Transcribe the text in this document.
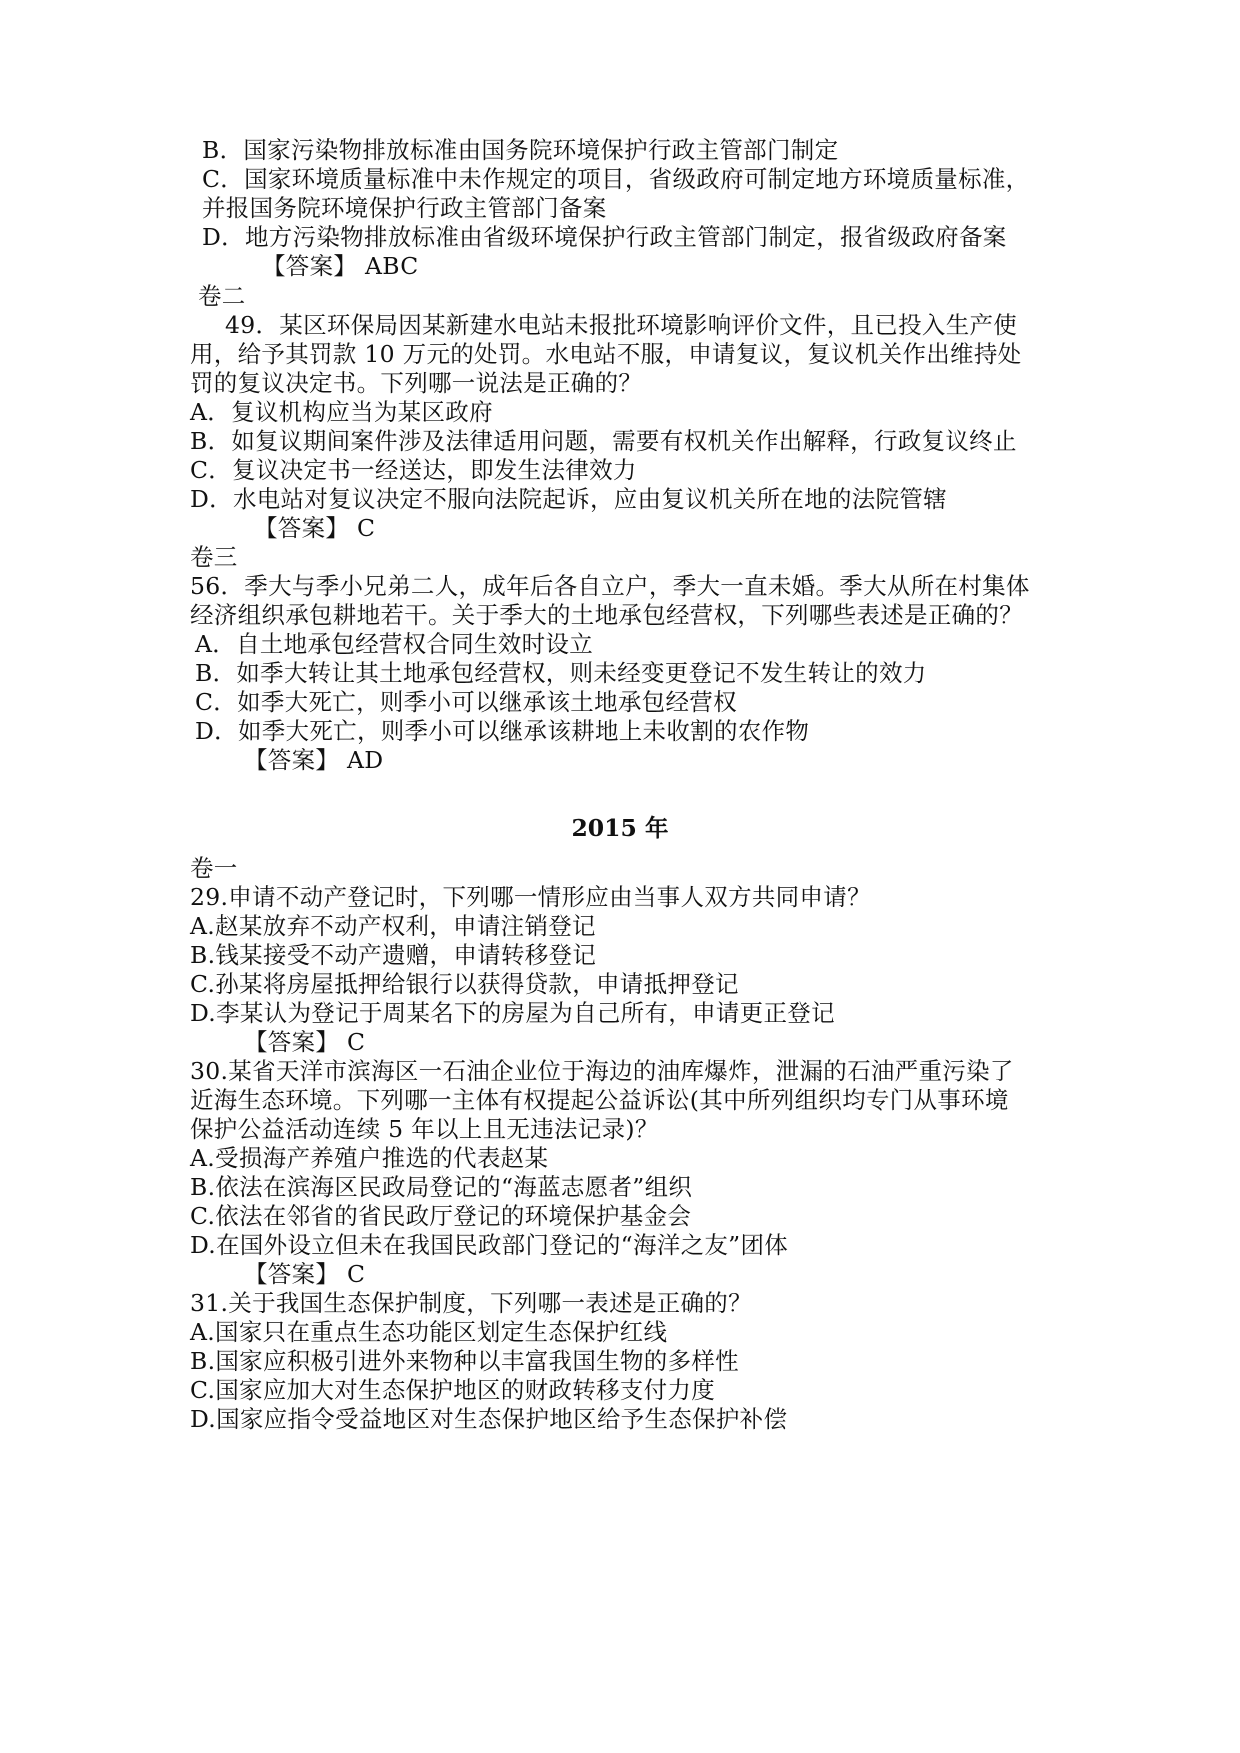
B．国家污染物排放标准由国务院环境保护行政主管部门制定
C．国家环境质量标准中未作规定的项目，省级政府可制定地方环境质量标准，
并报国务院环境保护行政主管部门备案
D．地方污染物排放标准由省级环境保护行政主管部门制定，报省级政府备案
【答案】 ABC
卷二
49．某区环保局因某新建水电站未报批环境影响评价文件，且已投入生产使
用，给予其罚款 10 万元的处罚。水电站不服，申请复议，复议机关作出维持处
罚的复议决定书。下列哪一说法是正确的？
A．复议机构应当为某区政府
B．如复议期间案件涉及法律适用问题，需要有权机关作出解释，行政复议终止
C．复议决定书一经送达，即发生法律效力
D．水电站对复议决定不服向法院起诉，应由复议机关所在地的法院管辖
【答案】 C
卷三
56．季大与季小兄弟二人，成年后各自立户，季大一直未婚。季大从所在村集体
经济组织承包耕地若干。关于季大的土地承包经营权，下列哪些表述是正确的？
A．自土地承包经营权合同生效时设立
B．如季大转让其土地承包经营权，则未经变更登记不发生转让的效力
C．如季大死亡，则季小可以继承该土地承包经营权
D．如季大死亡，则季小可以继承该耕地上未收割的农作物
【答案】 AD
2015 年
卷一
29.申请不动产登记时，下列哪一情形应由当事人双方共同申请？
A.赵某放弃不动产权利，申请注销登记
B.钱某接受不动产遗赠，申请转移登记
C.孙某将房屋抵押给银行以获得贷款，申请抵押登记
D.李某认为登记于周某名下的房屋为自己所有，申请更正登记
【答案】 C
30.某省天洋市滨海区一石油企业位于海边的油库爆炸，泄漏的石油严重污染了
近海生态环境。下列哪一主体有权提起公益诉讼(其中所列组织均专门从事环境
保护公益活动连续 5 年以上且无违法记录)？
A.受损海产养殖户推选的代表赵某
B.依法在滨海区民政局登记的“海蓝志愿者”组织
C.依法在邻省的省民政厅登记的环境保护基金会
D.在国外设立但未在我国民政部门登记的“海洋之友”团体
【答案】 C
31.关于我国生态保护制度，下列哪一表述是正确的？
A.国家只在重点生态功能区划定生态保护红线
B.国家应积极引进外来物种以丰富我国生物的多样性
C.国家应加大对生态保护地区的财政转移支付力度
D.国家应指令受益地区对生态保护地区给予生态保护补偿
